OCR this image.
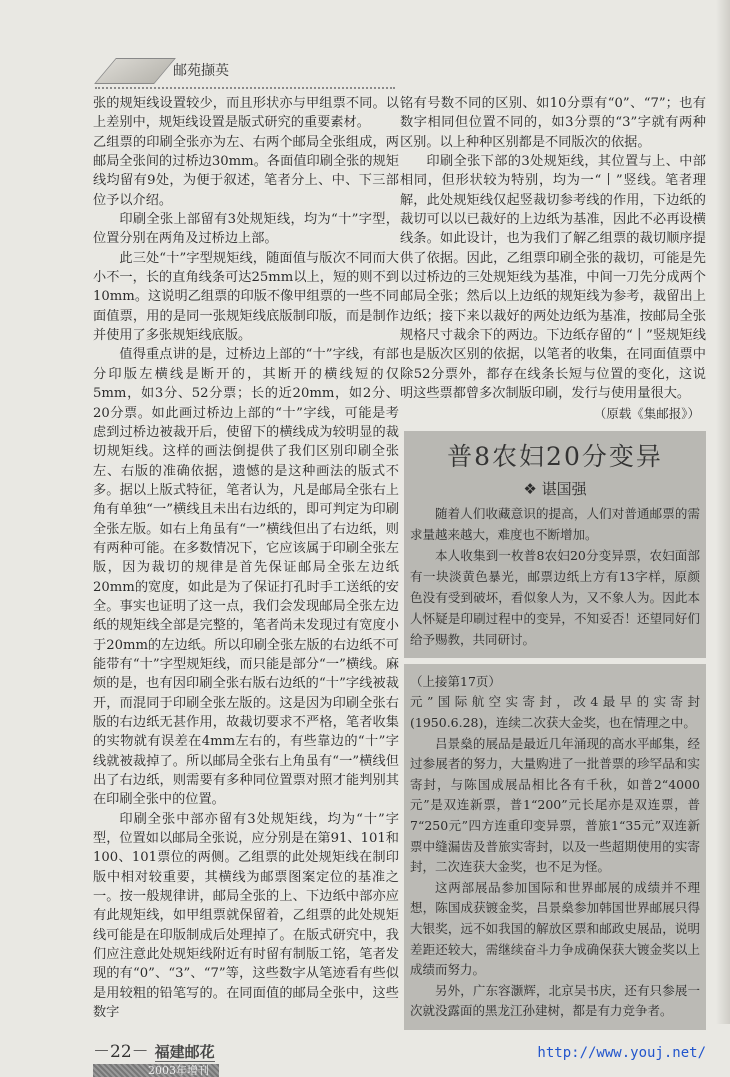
邮苑撷英

张的规矩线设置较少，而且形状亦与甲组票不同。以上差别中，规矩线设置是版式研究的重要素材。

乙组票的印刷全张亦为左、右两个邮局全张组成，两邮局全张间的过桥边30mm。各面值印刷全张的规矩线均留有9处，为便于叙述，笔者分上、中、下三部位予以介绍。

印刷全张上部留有3处规矩线，均为“十”字型，位置分别在两角及过桥边上部。

此三处“十”字型规矩线，随面值与版次不同而大小不一，长的直角线条可达25mm以上，短的则不到10mm。这说明乙组票的印版不像甲组票的一些不同面值票，用的是同一张规矩线底版制印版，而是制作并使用了多张规矩线底版。

值得重点讲的是，过桥边上部的“十”字线，有部分印版左横线是断开的，其断开的横线短的仅5mm，如3分、52分票；长的近20mm，如2分、20分票。如此画过桥边上部的“十”字线，可能是考虑到过桥边被裁开后，使留下的横线成为较明显的裁切规矩线。这样的画法倒提供了我们区别印刷全张左、右版的准确依据，遗憾的是这种画法的版式不多。据以上版式特征，笔者认为，凡是邮局全张右上角有单独“一”横线且未出右边纸的，即可判定为印刷全张左版。如右上角虽有“一”横线但出了右边纸，则有两种可能。在多数情况下，它应该属于印刷全张左版，因为裁切的规律是首先保证邮局全张左边纸20mm的宽度，如此是为了保证打孔时手工送纸的安全。事实也证明了这一点，我们会发现邮局全张左边纸的规矩线全部是完整的，笔者尚未发现过有宽度小于20mm的左边纸。所以印刷全张左版的右边纸不可能带有“十”字型规矩线，而只能是部分“一”横线。麻烦的是，也有因印刷全张右版右边纸的“十”字线被裁开，而混同于印刷全张左版的。这是因为印刷全张右版的右边纸无甚作用，故裁切要求不严格，笔者收集的实物就有误差在4mm左右的，有些靠边的“十”字线就被裁掉了。所以邮局全张右上角虽有“一”横线但出了右边纸，则需要有多种同位置票对照才能判别其在印刷全张中的位置。

印刷全张中部亦留有3处规矩线，均为“十”字型，位置如以邮局全张说，应分别是在第91、101和100、101票位的两侧。乙组票的此处规矩线在制印版中相对较重要，其横线为邮票图案定位的基准之一。按一般规律讲，邮局全张的上、下边纸中部亦应有此规矩线，如甲组票就保留着，乙组票的此处规矩线可能是在印版制成后处理掉了。在版式研究中，我们应注意此处规矩线附近有时留有制版工铭，笔者发现的有“0”、“3”、“7”等，这些数字从笔迹看有些似是用较粗的铅笔写的。在同面值的邮局全张中，这些数字

－22－ 福建邮花
2003年增刊

铭有号数不同的区别、如10分票有“0”、“7”；也有数字相同但位置不同的，如3分票的“3”字就有两种区别。以上种种区别都是不同版次的依据。

印刷全张下部的3处规矩线，其位置与上、中部相同，但形状较为特别，均为一“丨”竖线。笔者理解，此处规矩线仅起竖裁切参考线的作用，下边纸的裁切可以以已裁好的上边纸为基准，因此不必再设横线条。如此设计，也为我们了解乙组票的裁切顺序提供了依据。因此，乙组票印刷全张的裁切，可能是先以过桥边的三处规矩线为基准，中间一刀先分成两个邮局全张；然后以上边纸的规矩线为参考，裁留出上边纸；接下来以裁好的两处边纸为基准，按邮局全张规格尺寸裁余下的两边。下边纸存留的“丨”竖规矩线也是版次区别的依据，以笔者的收集，在同面值票中除52分票外，都存在线条长短与位置的变化，这说明这些票都曾多次制版印刷，发行与使用量很大。

（原载《集邮报》）
普8农妇20分变异
❖ 谌国强

随着人们收藏意识的提高，人们对普通邮票的需求量越来越大，难度也不断增加。

本人收集到一枚普8农妇20分变异票，农妇面部有一块淡黄色暴光，邮票边纸上方有13字样，原颜色没有受到破坏，看似象人为，又不象人为。因此本人怀疑是印刷过程中的变异，不知妥否！还望同好们给予赐教，共同研讨。

（上接第17页）

元”国际航空实寄封，改4最早的实寄封(1950.6.28)，连续二次获大金奖，也在情理之中。

吕景燊的展品是最近几年涌现的高水平邮集，经过参展者的努力，大量购进了一批普票的珍罕品和实寄封，与陈国成展品相比各有千秋，如普2“4000元”是双连新票，普1“200”元长尾亦是双连票，普7“250元”四方连重印变异票，普旅1“35元”双连新票中缝漏齿及普旅实寄封，以及一些超期使用的实寄封，二次连获大金奖，也不足为怪。

这两部展品参加国际和世界邮展的成绩并不理想，陈国成获镀金奖，吕景燊参加韩国世界邮展只得大银奖，远不如我国的解放区票和邮政史展品，说明差距还较大，需继续奋斗力争成确保获大镀金奖以上成绩而努力。

另外，广东容灏辉，北京吴书庆，还有只参展一次就没露面的黑龙江孙建树，都是有力竞争者。

http://www.youj.net/
